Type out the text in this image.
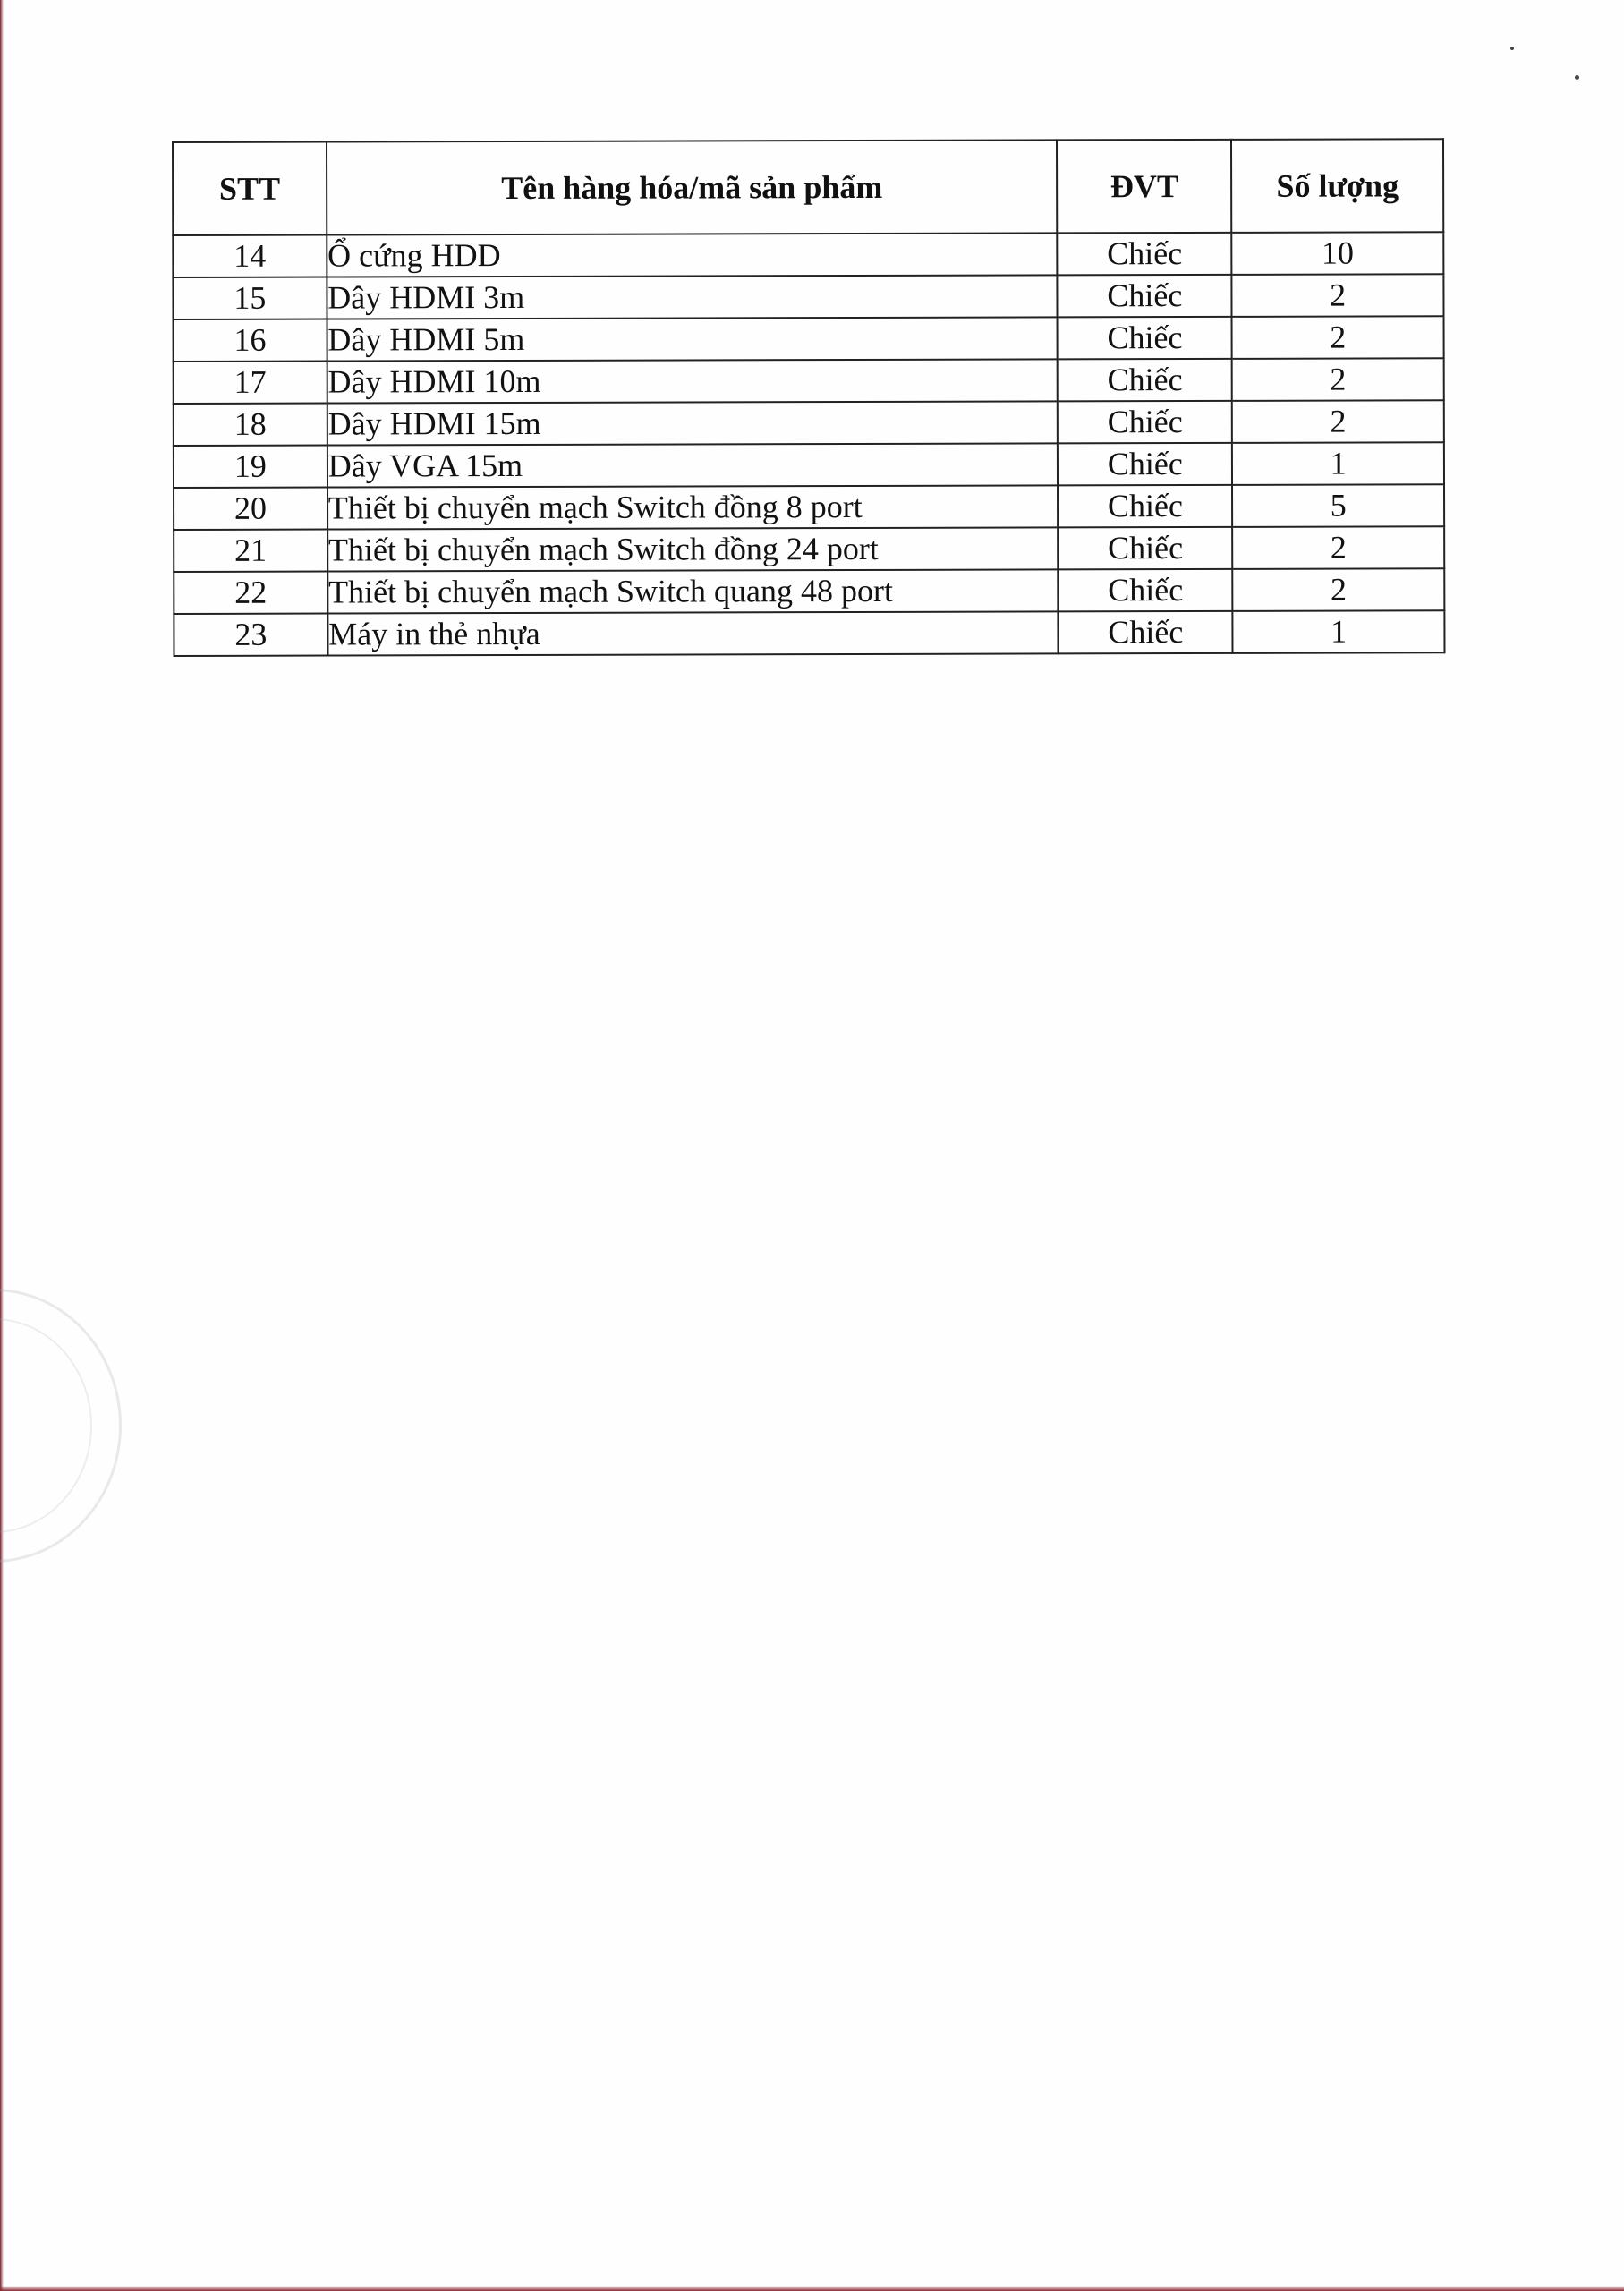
STT	Tên hàng hóa/mã sản phẩm	ĐVT	Số lượng
14	Ổ cứng HDD	Chiếc	10
15	Dây HDMI 3m	Chiếc	2
16	Dây HDMI 5m	Chiếc	2
17	Dây HDMI 10m	Chiếc	2
18	Dây HDMI 15m	Chiếc	2
19	Dây VGA 15m	Chiếc	1
20	Thiết bị chuyển mạch Switch đồng 8 port	Chiếc	5
21	Thiết bị chuyển mạch Switch đồng 24 port	Chiếc	2
22	Thiết bị chuyển mạch Switch quang 48 port	Chiếc	2
23	Máy in thẻ nhựa	Chiếc	1
